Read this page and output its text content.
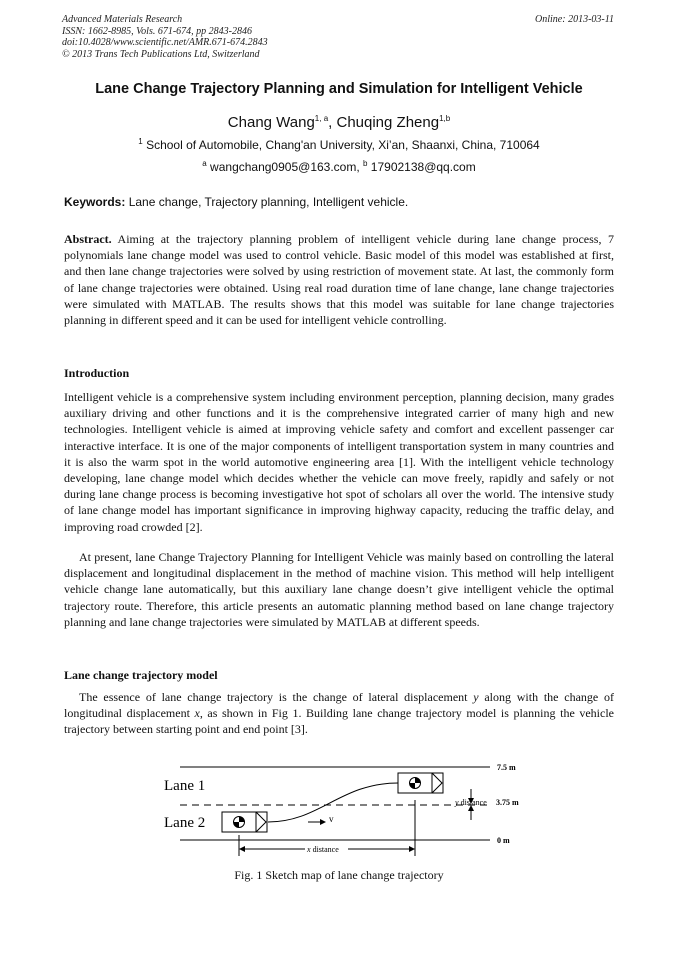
Advanced Materials Research
ISSN: 1662-8985, Vols. 671-674, pp 2843-2846
doi:10.4028/www.scientific.net/AMR.671-674.2843
© 2013 Trans Tech Publications Ltd, Switzerland
Online: 2013-03-11
Lane Change Trajectory Planning and Simulation for Intelligent Vehicle
Chang Wang$^{1, a}$, Chuqing Zheng$^{1,b}$
$^1$ School of Automobile, Chang'an University, Xi’an, Shaanxi, China, 710064
$^a$ wangchang0905@163.com, $^b$ 17902138@qq.com
Keywords: Lane change, Trajectory planning, Intelligent vehicle.

Abstract. Aiming at the trajectory planning problem of intelligent vehicle during lane change process, 7 polynomials lane change model was used to control vehicle. Basic model of this model was established at first, and then lane change trajectories were solved by using restriction of movement state. At last, the commonly form of lane change trajectories were obtained. Using real road duration time of lane change, lane change trajectories were simulated with MATLAB. The results shows that this model was suitable for lane change trajectories planning in different speed and it can be used for intelligent vehicle controlling.

Introduction

Intelligent vehicle is a comprehensive system including environment perception, planning decision, many grades auxiliary driving and other functions and it is the comprehensive integrated carrier of many high and new technologies. Intelligent vehicle is aimed at improving vehicle safety and comfort and excellent passenger car interactive interface. It is one of the major components of intelligent transportation system in many countries and it is also the warm spot in the world automotive engineering area [1]. With the intelligent vehicle technology developing, lane change model which decides whether the vehicle can move freely, rapidly and safely or not during lane change process is becoming investigative hot spot of scholars all over the world. The intensive study of lane change model has important significance in improving highway capacity, reducing the traffic delay, and improving road crowded [2].

At present, lane Change Trajectory Planning for Intelligent Vehicle was mainly based on controlling the lateral displacement and longitudinal displacement in the method of machine vision. This method will help intelligent vehicle change lane automatically, but this auxiliary lane change doesn’t give intelligent vehicle the optimal trajectory route. Therefore, this article presents an automatic planning method based on lane change trajectory planning and lane change trajectories were simulated by MATLAB at different speeds.

Lane change trajectory model

The essence of lane change trajectory is the change of lateral displacement y along with the change of longitudinal displacement x, as shown in Fig 1. Building lane change trajectory model is planning the vehicle trajectory between starting point and end point [3].

Lane 1
Lane 2	v
y distance
7.5 m
3.75 m
0 m
x distance
Fig. 1 Sketch map of lane change trajectory
